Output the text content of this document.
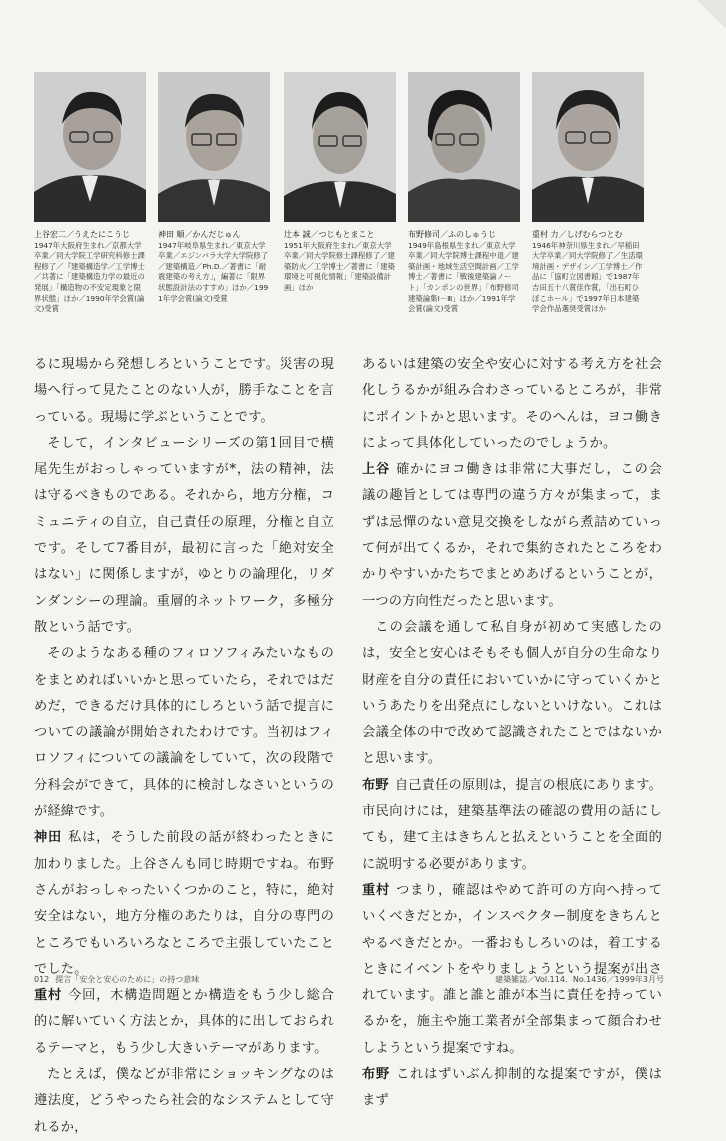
上谷宏二／うえたにこうじ
1947年大阪府生まれ／京都大学卒業／同大学院工学研究科修士課程修了／『建築構造学／工学博士／共著に「建築構造力学の最近の発展」「構造物の不安定現象と限界状態」ほか／1990年学会賞(論文)受賞
神田 順／かんだじゅん
1947年岐阜県生まれ／東京大学卒業／エジンバラ大学大学院修了／建築構造／Ph.D.／著書に「耐震建築の考え方」，編著に「限界状態設計法のすすめ」ほか／1991年学会賞(論文)受賞
辻本 誠／つじもとまこと
1951年大阪府生まれ／東京大学卒業／同大学院修士課程修了／建築防火／工学博士／著書に「建築環境と可視化情報」「建築設備計画」ほか
布野修司／ふのしゅうじ
1949年島根県生まれ／東京大学卒業／同大学院博士課程中退／建築計画・地域生活空間計画／工学博士／著書に「戦後建築論ノート」「カンポンの世界」「布野修司建築論集Ⅰ－Ⅲ」ほか／1991年学会賞(論文)受賞
重村 力／しげむらつとむ
1946年神奈川県生まれ／早稲田大学卒業／同大学院修了／生活環境計画・デザイン／工学博士／作品に「協町立図書館」で1987年吉田五十八賞佳作賞，「出石町ひぼこホール」で1997年日本建築学会作品選奨受賞ほか

るに現場から発想しろということです。災害の現場へ行って見たことのない人が，勝手なことを言っている。現場に学ぶということです。

そして，インタビューシリーズの第1回目で横尾先生がおっしゃっていますが*，法の精神，法は守るべきものである。それから，地方分権，コミュニティの自立，自己責任の原理，分権と自立です。そして7番目が，最初に言った「絶対安全はない」に関係しますが，ゆとりの論理化，リダンダンシーの理論。重層的ネットワーク，多極分散という話です。

そのようなある種のフィロソフィみたいなものをまとめればいいかと思っていたら，それではだめだ，できるだけ具体的にしろという話で提言についての議論が開始されたわけです。当初はフィロソフィについての議論をしていて，次の段階で分科会ができて，具体的に検討しなさいというのが経緯です。

神田 私は，そうした前段の話が終わったときに加わりました。上谷さんも同じ時期ですね。布野さんがおっしゃったいくつかのこと，特に，絶対安全はない，地方分権のあたりは，自分の専門のところでもいろいろなところで主張していたことでした。

重村 今回，木構造問題とか構造をもう少し総合的に解いていく方法とか，具体的に出しておられるテーマと，もう少し大きいテーマがあります。

たとえば，僕などが非常にショッキングなのは遵法度，どうやったら社会的なシステムとして守れるか，

あるいは建築の安全や安心に対する考え方を社会化しうるかが組み合わさっているところが，非常にポイントかと思います。そのへんは，ヨコ働きによって具体化していったのでしょうか。

上谷 確かにヨコ働きは非常に大事だし，この会議の趣旨としては専門の違う方々が集まって，まずは忌憚のない意見交換をしながら煮詰めていって何が出てくるか，それで集約されたところをわかりやすいかたちでまとめあげるということが，一つの方向性だったと思います。

この会議を通して私自身が初めて実感したのは，安全と安心はそもそも個人が自分の生命なり財産を自分の責任においていかに守っていくかというあたりを出発点にしないといけない。これは会議全体の中で改めて認識されたことではないかと思います。

布野 自己責任の原則は，提言の根底にあります。市民向けには，建築基準法の確認の費用の話にしても，建て主はきちんと払えということを全面的に説明する必要があります。

重村 つまり，確認はやめて許可の方向へ持っていくべきだとか，インスペクター制度をきちんとやるべきだとか。一番おもしろいのは，着工するときにイベントをやりましょうという提案が出されています。誰と誰と誰が本当に責任を持っているかを，施主や施工業者が全部集まって顔合わせしようという提案ですね。

布野 これはずいぶん抑制的な提案ですが，僕はまず

012 提言「安全と安心のために」の持つ意味	建築雑誌／Vol.114．No.1436／1999年3月号
